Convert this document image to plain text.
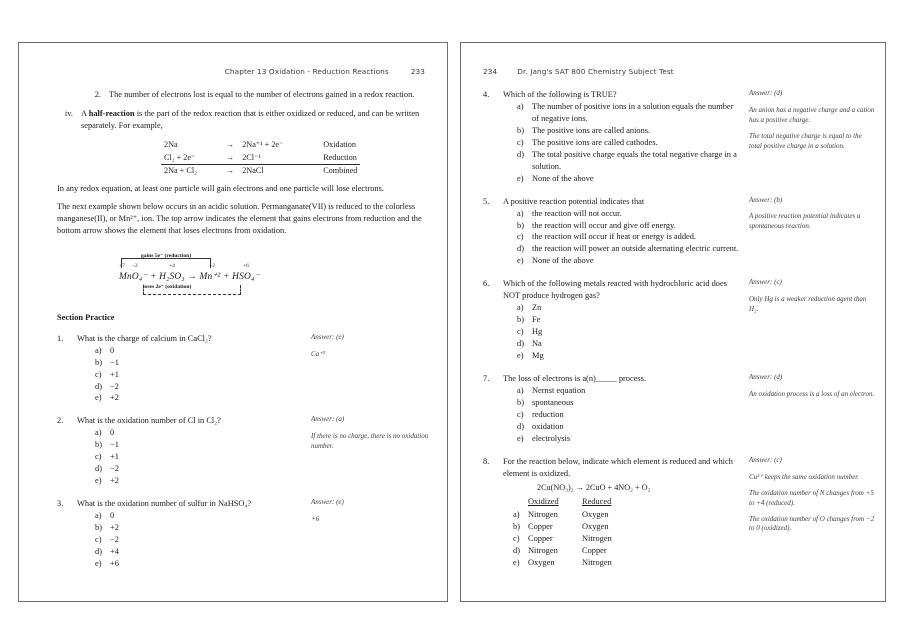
Chapter 13 Oxidation - Reduction Reactions	233
2. The number of electrons lost is equal to the number of electrons gained in a redox reaction.
iv. A half-reaction is the part of the redox reaction that is either oxidized or reduced, and can be written separately. For example,
2Na	→	2Na⁺¹ + 2e⁻	Oxidation
Cl₂ + 2e⁻	→	2Cl⁻¹	Reduction
2Na + Cl₂	→	2NaCl	Combined
In any redox equation, at least one particle will gain electrons and one particle will lose electrons.
The next example shown below occurs in an acidic solution. Permanganate(VII) is reduced to the colorless manganese(II), or Mn²⁺, ion. The top arrow indicates the element that gains electrons from reduction and the bottom arrow shows the element that loses electrons from oxidation.
gains 5e⁻ (reduction)
+7 -2	+4	+2	+6
MnO₄⁻ + H₂SO₃ → Mn⁺² + HSO₄⁻
loses 2e⁻ (oxidation)
Section Practice
1.	What is the charge of calcium in CaCl₂?
a)	0
b) −1
c)	+1
d) −2
e)	+2
Answer: (e)

Ca⁺²

2.	What is the oxidation number of Cl in Cl₂?
a)	0
b) −1
c)	+1
d) −2
e)	+2
Answer: (a)

If there is no charge, there is no oxidation number.

3.	What is the oxidation number of sulfur in NaHSO₄?
a)	0
b) +2
c)	−2
d) +4
e)	+6
Answer: (e)

+6

234	Dr. Jang's SAT 800 Chemistry Subject Test
4.	Which of the following is TRUE?
a)	The number of positive ions in a solution equals the number of negative ions.
b) The positive ions are called anions.
c)	The positive ions are called cathodes.
d) The total positive charge equals the total negative charge in a solution.
e)	None of the above
Answer: (d)

An anion has a negative charge and a cation has a positive charge.

The total negative charge is equal to the total positive charge in a solution.

5.	A positive reaction potential indicates that
a)	the reaction will not occur.
b) the reaction will occur and give off energy.
c)	the reaction will occur if heat or energy is added.
d) the reaction will power an outside alternating electric current.
e)	None of the above
Answer: (b)

A positive reaction potential indicates a spontaneous reaction.

6.	Which of the following metals reacted with hydrochloric acid does NOT produce hydrogen gas?
a)	Zn
b) Fe
c)	Hg
d) Na
e)	Mg
Answer: (c)

Only Hg is a weaker reduction agent than H₂.

7.	The loss of electrons is a(n)_____ process.
a)	Nernst equation
b) spontaneous
c)	reduction
d) oxidation
e)	electrolysis
Answer: (d)

An oxidation process is a loss of an electron.

8.	For the reaction below, indicate which element is reduced and which element is oxidized.
2Cu(NO₃)₂ → 2CuO + 4NO₂ + O₂
Oxidized	Reduced
a)	Nitrogen	Oxygen
b) Copper	Oxygen
c)	Copper	Nitrogen
d) Nitrogen	Copper
e)	Oxygen	Nitrogen
Answer: (c)

Cu²⁺ keeps the same oxidation number.

The oxidation number of N changes from +5 to +4 (reduced).

The oxidation number of O changes from −2 to 0 (oxidized).
